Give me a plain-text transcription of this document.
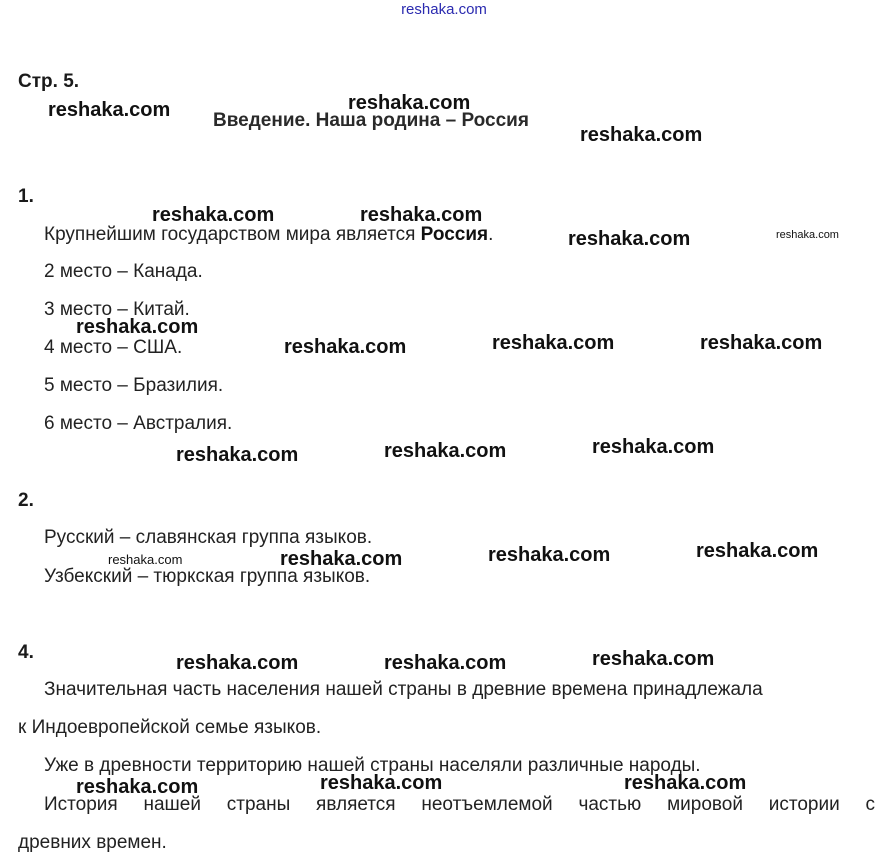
reshaka.com
Стр. 5.
Введение. Наша родина – Россия
1.
Крупнейшим государством мира является Россия.
2 место – Канада.
3 место – Китай.
4 место – США.
5 место – Бразилия.
6 место – Австралия.
2.
Русский – славянская группа языков.
Узбекский – тюркская группа языков.
4.
Значительная часть населения нашей страны в древние времена принадлежала
к Индоевропейской семье языков.
Уже в древности территорию нашей страны населяли различные народы.
История нашей страны является неотъемлемой частью мировой истории с
древних времен.
reshaka.com	reshaka.com
reshaka.com
reshaka.com	reshaka.com
reshaka.com	reshaka.com
reshaka.com
reshaka.com	reshaka.com	reshaka.com
reshaka.com	reshaka.com	reshaka.com
reshaka.com	reshaka.com	reshaka.com	reshaka.com
reshaka.com	reshaka.com	reshaka.com
reshaka.com	reshaka.com	reshaka.com
